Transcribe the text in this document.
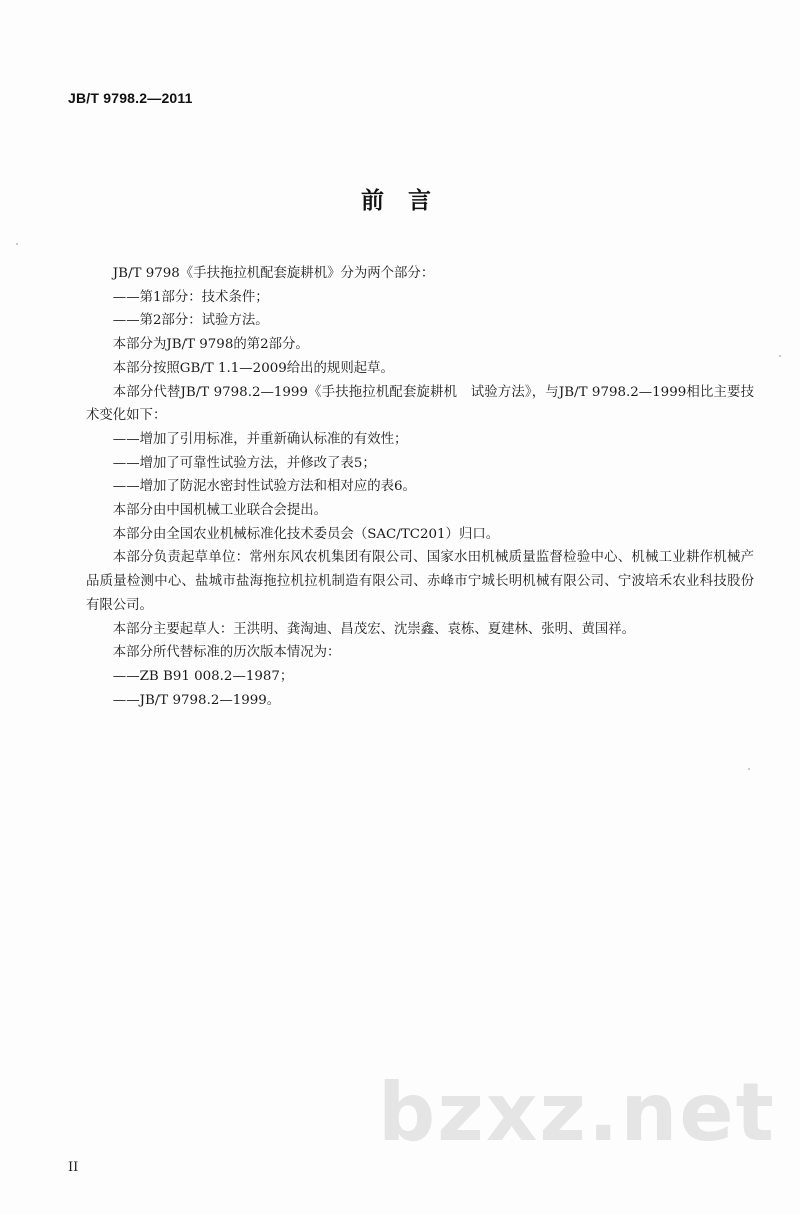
JB/T 9798.2—2011
前言

JB/T 9798《手扶拖拉机配套旋耕机》分为两个部分：

——第1部分：技术条件；

——第2部分：试验方法。

本部分为JB/T 9798的第2部分。

本部分按照GB/T 1.1—2009给出的规则起草。

本部分代替JB/T 9798.2—1999《手扶拖拉机配套旋耕机　试验方法》，与JB/T 9798.2—1999相比主要技术变化如下：

——增加了引用标准，并重新确认标准的有效性；

——增加了可靠性试验方法，并修改了表5；

——增加了防泥水密封性试验方法和相对应的表6。

本部分由中国机械工业联合会提出。

本部分由全国农业机械标准化技术委员会（SAC/TC201）归口。

本部分负责起草单位：常州东风农机集团有限公司、国家水田机械质量监督检验中心、机械工业耕作机械产品质量检测中心、盐城市盐海拖拉机拉机制造有限公司、赤峰市宁城长明机械有限公司、宁波培禾农业科技股份有限公司。

本部分主要起草人：王洪明、龚淘迪、昌茂宏、沈崇鑫、袁栋、夏建林、张明、黄国祥。

本部分所代替标准的历次版本情况为：

——ZB B91 008.2—1987；

——JB/T 9798.2—1999。

II
bzxz.net
